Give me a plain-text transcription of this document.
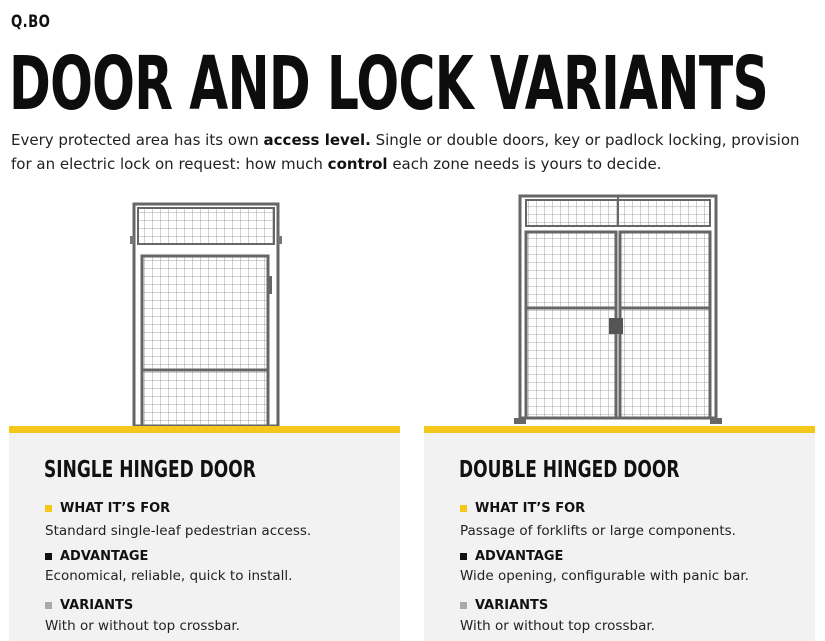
Q.BO
DOOR AND LOCK VARIANTS

Every protected area has its own access level. Single or double doors, key or padlock locking, provision for an electric lock on request: how much control each zone needs is yours to decide.

SINGLE HINGED DOOR
WHAT IT’S FOR
Standard single-leaf pedestrian access.
ADVANTAGE
Economical, reliable, quick to install.
VARIANTS
With or without top crossbar.
DOUBLE HINGED DOOR
WHAT IT’S FOR
Passage of forklifts or large components.
ADVANTAGE
Wide opening, configurable with panic bar.
VARIANTS
With or without top crossbar.
